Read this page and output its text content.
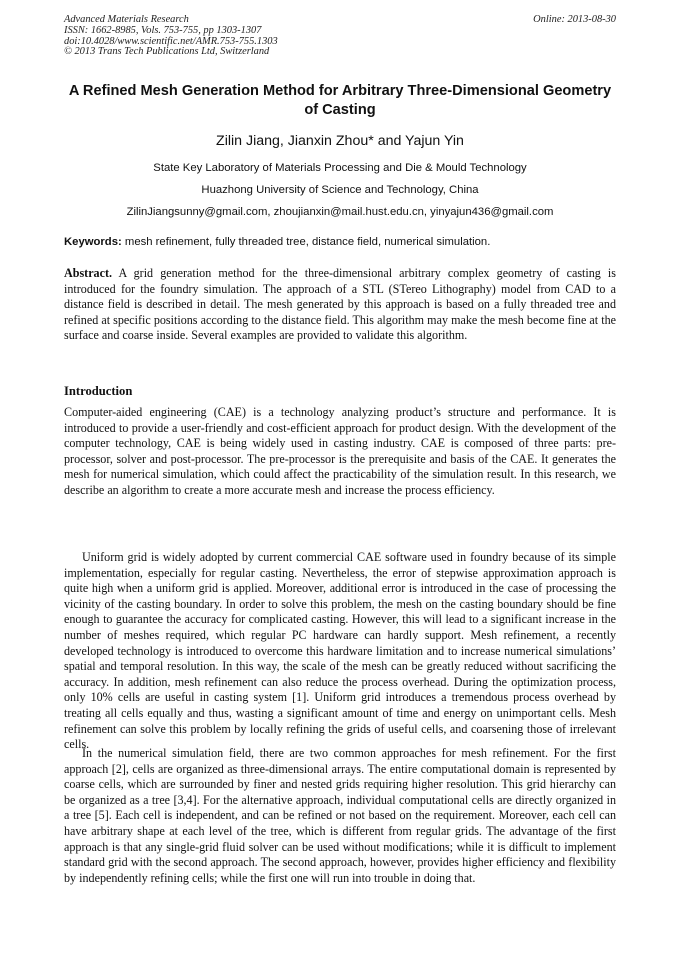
Advanced Materials Research
ISSN: 1662-8985, Vols. 753-755, pp 1303-1307
doi:10.4028/www.scientific.net/AMR.753-755.1303
© 2013 Trans Tech Publications Ltd, Switzerland
Online: 2013-08-30
A Refined Mesh Generation Method for Arbitrary Three-Dimensional Geometry of Casting
Zilin Jiang, Jianxin Zhou* and Yajun Yin
State Key Laboratory of Materials Processing and Die & Mould Technology
Huazhong University of Science and Technology, China
ZilinJiangsunny@gmail.com, zhoujianxin@mail.hust.edu.cn, yinyajun436@gmail.com
Keywords: mesh refinement, fully threaded tree, distance field, numerical simulation.
Abstract. A grid generation method for the three-dimensional arbitrary complex geometry of casting is introduced for the foundry simulation. The approach of a STL (STereo Lithography) model from CAD to a distance field is described in detail. The mesh generated by this approach is based on a fully threaded tree and refined at specific positions according to the distance field. This algorithm may make the mesh become fine at the surface and coarse inside. Several examples are provided to validate this algorithm.
Introduction

Computer-aided engineering (CAE) is a technology analyzing product’s structure and performance. It is introduced to provide a user-friendly and cost-efficient approach for product design. With the development of the computer technology, CAE is being widely used in casting industry. CAE is composed of three parts: pre-processor, solver and post-processor. The pre-processor is the prerequisite and basis of the CAE. It generates the mesh for numerical simulation, which could affect the practicability of the simulation result. In this research, we describe an algorithm to create a more accurate mesh and increase the process efficiency.

Uniform grid is widely adopted by current commercial CAE software used in foundry because of its simple implementation, especially for regular casting. Nevertheless, the error of stepwise approximation approach is quite high when a uniform grid is applied. Moreover, additional error is introduced in the case of processing the vicinity of the casting boundary. In order to solve this problem, the mesh on the casting boundary should be fine enough to guarantee the accuracy for complicated casting. However, this will lead to a significant increase in the number of meshes required, which regular PC hardware can hardly support. Mesh refinement, a recently developed technology is introduced to overcome this hardware limitation and to increase numerical simulations’ spatial and temporal resolution. In this way, the scale of the mesh can be greatly reduced without sacrificing the accuracy. In addition, mesh refinement can also reduce the process overhead. During the optimization process, only 10% cells are useful in casting system [1]. Uniform grid introduces a tremendous process overhead by treating all cells equally and thus, wasting a significant amount of time and energy on unimportant cells. Mesh refinement can solve this problem by locally refining the grids of useful cells, and coarsening those of irrelevant cells.

In the numerical simulation field, there are two common approaches for mesh refinement. For the first approach [2], cells are organized as three-dimensional arrays. The entire computational domain is represented by coarse cells, which are surrounded by finer and nested grids requiring higher resolution. This grid hierarchy can be organized as a tree [3,4]. For the alternative approach, individual computational cells are directly organized in a tree [5]. Each cell is independent, and can be refined or not based on the requirement. Moreover, each cell can have arbitrary shape at each level of the tree, which is different from regular grids. The advantage of the first approach is that any single-grid fluid solver can be used without modifications; while it is difficult to implement standard grid with the second approach. The second approach, however, provides higher efficiency and flexibility by independently refining cells; while the first one will run into trouble in doing that.
